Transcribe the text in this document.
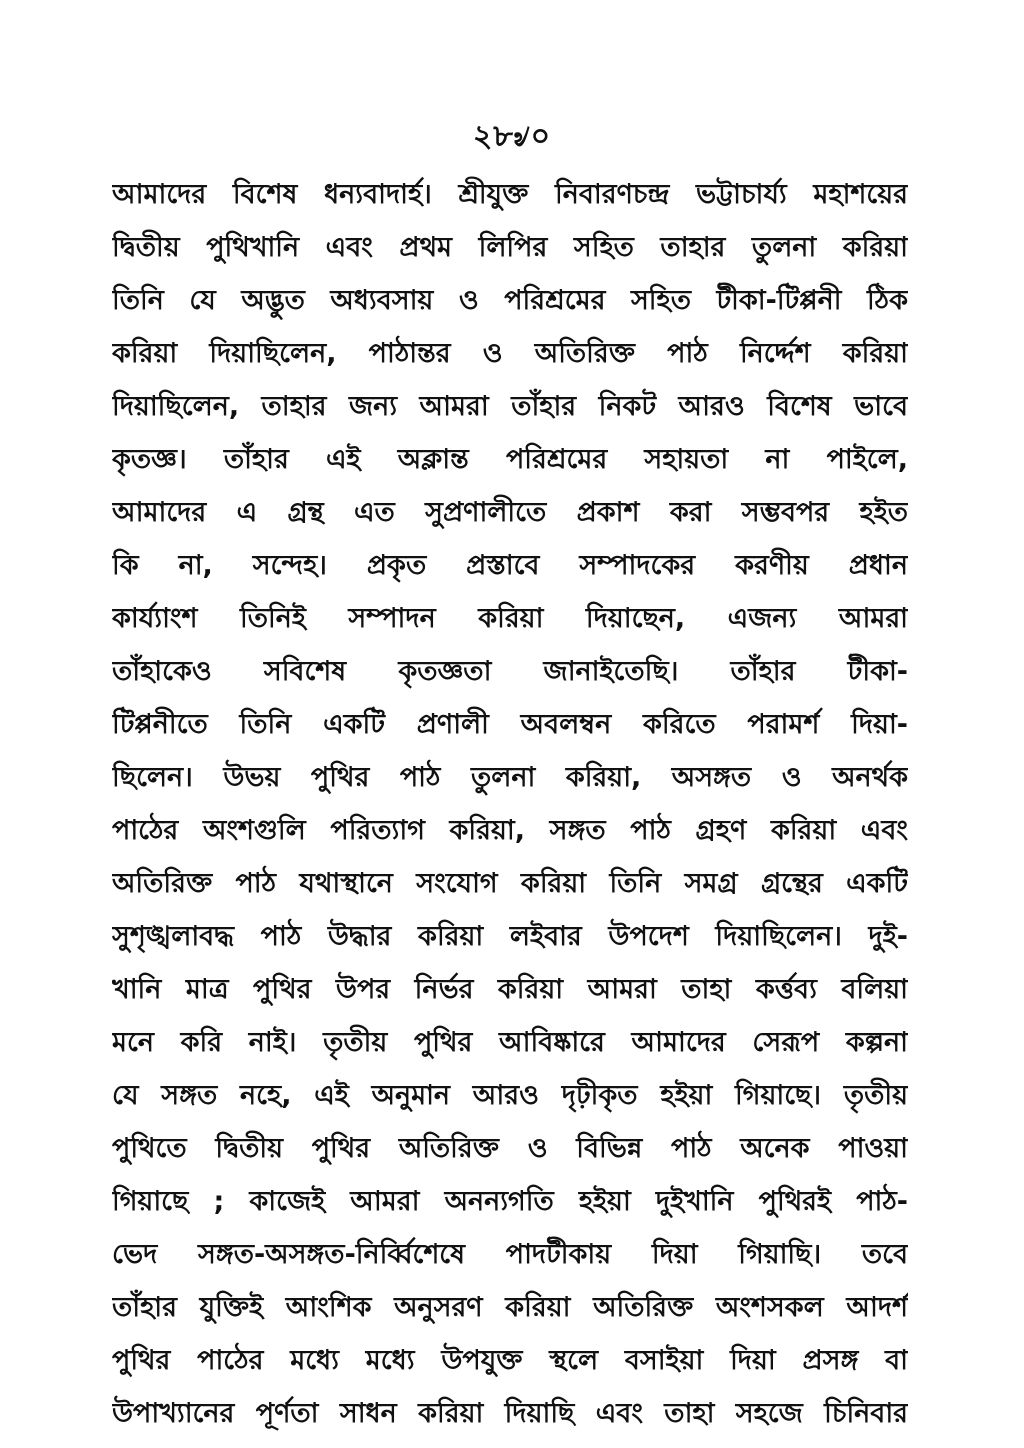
২৮৶০
আমাদের বিশেষ ধন্যবাদার্হ। শ্রীযুক্ত নিবারণচন্দ্র ভট্টাচার্য্য মহাশয়ের
দ্বিতীয় পুথিখানি এবং প্রথম লিপির সহিত তাহার তুলনা করিয়া
তিনি যে অদ্ভুত অধ্যবসায় ও পরিশ্রমের সহিত টীকা-টিপ্পনী ঠিক
করিয়া দিয়াছিলেন, পাঠান্তর ও অতিরিক্ত পাঠ নির্দ্দেশ করিয়া
দিয়াছিলেন, তাহার জন্য আমরা তাঁহার নিকট আরও বিশেষ ভাবে
কৃতজ্ঞ। তাঁহার এই অক্লান্ত পরিশ্রমের সহায়তা না পাইলে,
আমাদের এ গ্রন্থ এত সুপ্রণালীতে প্রকাশ করা সম্ভবপর হইত
কি না, সন্দেহ। প্রকৃত প্রস্তাবে সম্পাদকের করণীয় প্রধান
কার্য্যাংশ তিনিই সম্পাদন করিয়া দিয়াছেন, এজন্য আমরা
তাঁহাকেও সবিশেষ কৃতজ্ঞতা জানাইতেছি। তাঁহার টীকা-
টিপ্পনীতে তিনি একটি প্রণালী অবলম্বন করিতে পরামর্শ দিয়া-
ছিলেন। উভয় পুথির পাঠ তুলনা করিয়া, অসঙ্গত ও অনর্থক
পাঠের অংশগুলি পরিত্যাগ করিয়া, সঙ্গত পাঠ গ্রহণ করিয়া এবং
অতিরিক্ত পাঠ যথাস্থানে সংযোগ করিয়া তিনি সমগ্র গ্রন্থের একটি
সুশৃঙ্খলাবদ্ধ পাঠ উদ্ধার করিয়া লইবার উপদেশ দিয়াছিলেন। দুই-
খানি মাত্র পুথির উপর নির্ভর করিয়া আমরা তাহা কর্ত্তব্য বলিয়া
মনে করি নাই। তৃতীয় পুথির আবিষ্কারে আমাদের সেরূপ কল্পনা
যে সঙ্গত নহে, এই অনুমান আরও দৃঢ়ীকৃত হইয়া গিয়াছে। তৃতীয়
পুথিতে দ্বিতীয় পুথির অতিরিক্ত ও বিভিন্ন পাঠ অনেক পাওয়া
গিয়াছে ; কাজেই আমরা অনন্যগতি হইয়া দুইখানি পুথিরই পাঠ-
ভেদ সঙ্গত-অসঙ্গত-নির্ব্বিশেষে পাদটীকায় দিয়া গিয়াছি। তবে
তাঁহার যুক্তিই আংশিক অনুসরণ করিয়া অতিরিক্ত অংশসকল আদর্শ
পুথির পাঠের মধ্যে মধ্যে উপযুক্ত স্থলে বসাইয়া দিয়া প্রসঙ্গ বা
উপাখ্যানের পূর্ণতা সাধন করিয়া দিয়াছি এবং তাহা সহজে চিনিবার
